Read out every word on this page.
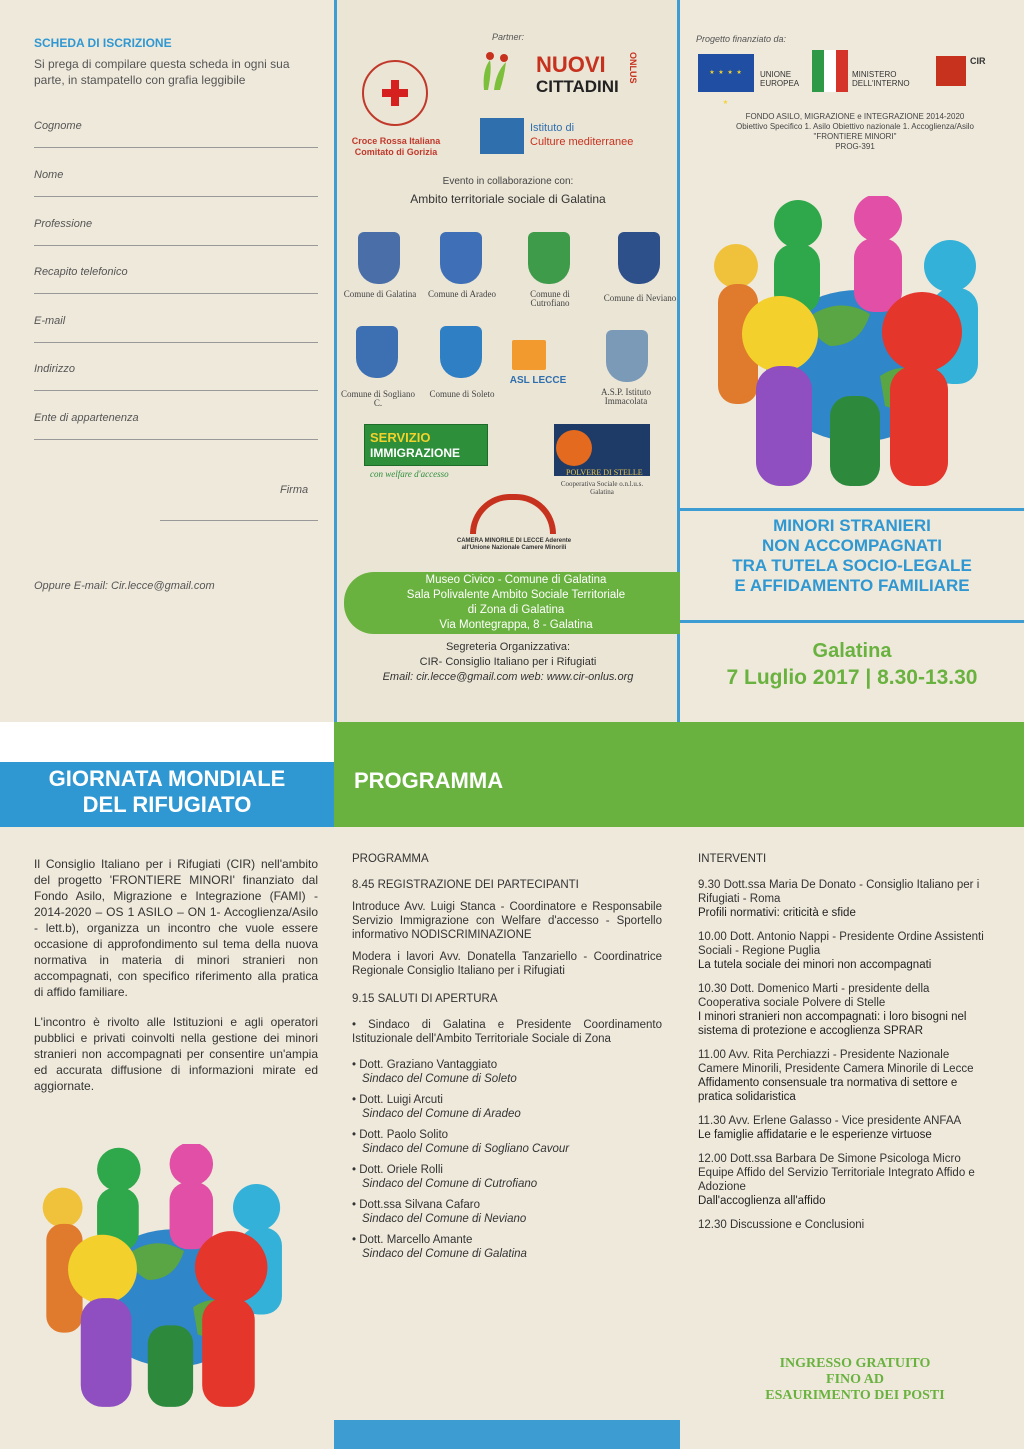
SCHEDA DI ISCRIZIONE
Si prega di compilare questa scheda in ogni sua parte, in stampatello con grafia leggibile
Cognome
Nome
Professione
Recapito telefonico
E-mail
Indirizzo
Ente di appartenenza
Firma
Oppure E-mail: Cir.lecce@gmail.com
Partner:
Croce Rossa Italiana Comitato di Gorizia
NUOVI
CITTADINI
ONLUS
Istituto di
Culture mediterranee
Evento in collaborazione con:
Ambito territoriale sociale di Galatina
Comune di Galatina	Comune di Aradeo	Comune di Cutrofiano	Comune di Neviano
Comune di Sogliano C.
Comune di Soleto
ASL LECCE
A.S.P. Istituto Immacolata
SERVIZIO
IMMIGRAZIONE
con welfare d'accesso	POLVERE DI STELLE
Cooperativa Sociale o.n.l.u.s. Galatina
CAMERA MINORILE DI LECCE Aderente all'Unione Nazionale Camere Minorili
Museo Civico - Comune di Galatina
Sala Polivalente Ambito Sociale Territoriale
di Zona di Galatina
Via Montegrappa, 8 - Galatina
Segreteria Organizzativa:
CIR- Consiglio Italiano per i Rifugiati
Email: cir.lecce@gmail.com web: www.cir-onlus.org
Progetto finanziato da:
★ ★ ★ ★ ★
UNIONE EUROPEA
MINISTERO DELL'INTERNO
CIR
FONDO ASILO, MIGRAZIONE e INTEGRAZIONE 2014-2020
Obiettivo Specifico 1. Asilo Obiettivo nazionale 1. Accoglienza/Asilo
"FRONTIERE MINORI"
PROG-391
MINORI STRANIERI
NON ACCOMPAGNATI
TRA TUTELA SOCIO-LEGALE
E AFFIDAMENTO FAMILIARE
Galatina
7 Luglio 2017 | 8.30-13.30
GIORNATA MONDIALE
DEL RIFUGIATO
PROGRAMMA

Il Consiglio Italiano per i Rifugiati (CIR) nell'ambito del progetto 'FRONTIERE MINORI' finanziato dal Fondo Asilo, Migrazione e Integrazione (FAMI) - 2014-2020 – OS 1 ASILO – ON 1- Accoglienza/Asilo - lett.b), organizza un incontro che vuole essere occasione di approfondimento sul tema della nuova normativa in materia di minori stranieri non accompagnati, con specifico riferimento alla pratica di affido familiare.

L'incontro è rivolto alle Istituzioni e agli operatori pubblici e privati coinvolti nella gestione dei minori stranieri non accompagnati per consentire un'ampia ed accurata diffusione di informazioni mirate ed aggiornate.

PROGRAMMA
8.45 REGISTRAZIONE DEI PARTECIPANTI
Introduce Avv. Luigi Stanca - Coordinatore e Responsabile Servizio Immigrazione con Welfare d'accesso - Sportello informativo NODISCRIMINAZIONE
Modera i lavori Avv. Donatella Tanzariello - Coordinatrice Regionale Consiglio Italiano per i Rifugiati
9.15 SALUTI DI APERTURA
• Sindaco di Galatina e Presidente Coordinamento Istituzionale dell'Ambito Territoriale Sociale di Zona
• Dott. Graziano Vantaggiato
Sindaco del Comune di Soleto
• Dott. Luigi Arcuti
Sindaco del Comune di Aradeo
• Dott. Paolo Solito
Sindaco del Comune di Sogliano Cavour
• Dott. Oriele Rolli
Sindaco del Comune di Cutrofiano
• Dott.ssa Silvana Cafaro
Sindaco del Comune di Neviano
• Dott. Marcello Amante
Sindaco del Comune di Galatina
INTERVENTI
9.30 Dott.ssa Maria De Donato - Consiglio Italiano per i Rifugiati - Roma
Profili normativi: criticità e sfide
10.00 Dott. Antonio Nappi - Presidente Ordine Assistenti Sociali - Regione Puglia
La tutela sociale dei minori non accompagnati
10.30 Dott. Domenico Marti - presidente della Cooperativa sociale Polvere di Stelle
I minori stranieri non accompagnati: i loro bisogni nel sistema di protezione e accoglienza SPRAR
11.00 Avv. Rita Perchiazzi - Presidente Nazionale Camere Minorili, Presidente Camera Minorile di Lecce
Affidamento consensuale tra normativa di settore e pratica solidaristica
11.30 Avv. Erlene Galasso - Vice presidente ANFAA
Le famiglie affidatarie e le esperienze virtuose
12.00 Dott.ssa Barbara De Simone Psicologa Micro Equipe Affido del Servizio Territoriale Integrato Affido e Adozione
Dall'accoglienza all'affido
12.30 Discussione e Conclusioni
INGRESSO GRATUITO
FINO AD
ESAURIMENTO DEI POSTI
